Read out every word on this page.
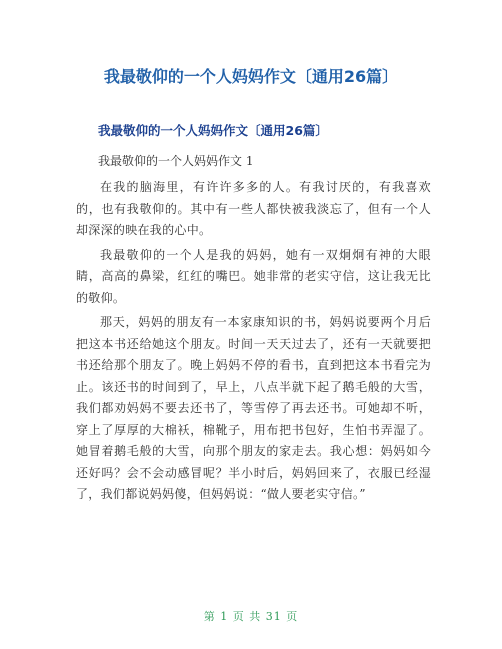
我最敬仰的一个人妈妈作文〔通用26篇〕
我最敬仰的一个人妈妈作文〔通用26篇〕
我最敬仰的一个人妈妈作文 1

在我的脑海里，有许许多多的人。有我讨厌的，有我喜欢的，也有我敬仰的。其中有一些人都快被我淡忘了，但有一个人却深深的映在我的心中。

我最敬仰的一个人是我的妈妈，她有一双炯炯有神的大眼睛，高高的鼻梁，红红的嘴巴。她非常的老实守信，这让我无比的敬仰。

那天，妈妈的朋友有一本家康知识的书，妈妈说要两个月后把这本书还给她这个朋友。时间一天天过去了，还有一天就要把书还给那个朋友了。晚上妈妈不停的看书，直到把这本书看完为止。该还书的时间到了，早上，八点半就下起了鹅毛般的大雪，我们都劝妈妈不要去还书了，等雪停了再去还书。可她却不听，穿上了厚厚的大棉袄，棉靴子，用布把书包好，生怕书弄湿了。她冒着鹅毛般的大雪，向那个朋友的家走去。我心想：妈妈如今还好吗？会不会动感冒呢？半小时后，妈妈回来了，衣服已经湿了，我们都说妈妈傻，但妈妈说：“做人要老实守信。”

第 1 页 共 31 页
